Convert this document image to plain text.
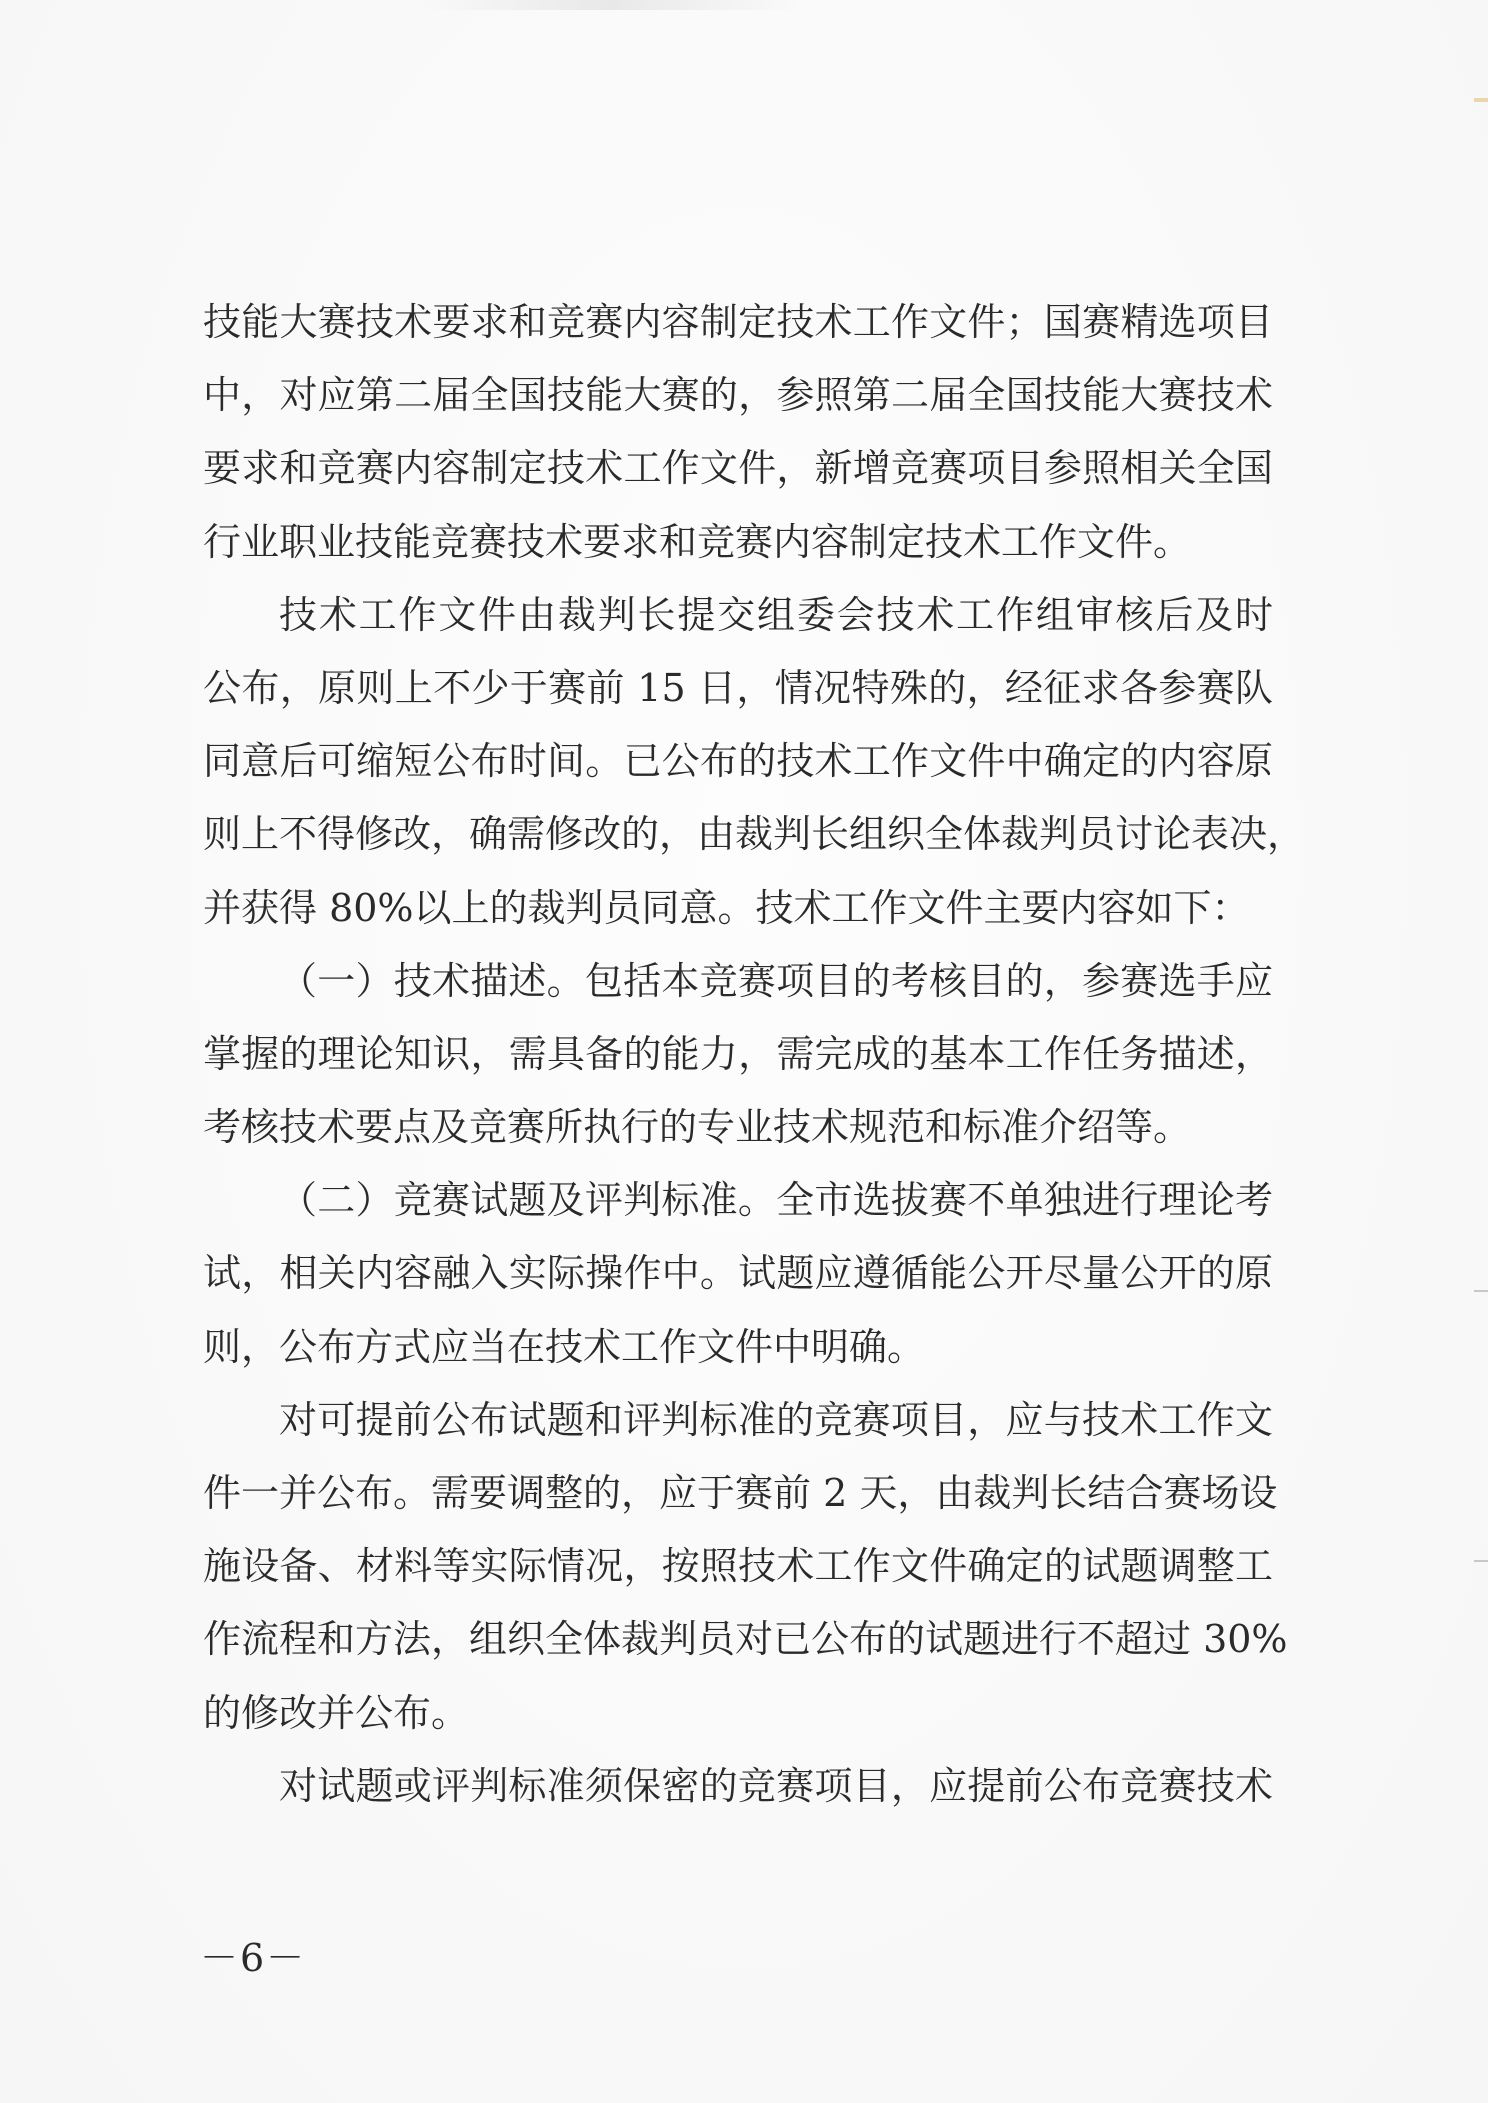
技能大赛技术要求和竞赛内容制定技术工作文件；国赛精选项目
中，对应第二届全国技能大赛的，参照第二届全国技能大赛技术
要求和竞赛内容制定技术工作文件，新增竞赛项目参照相关全国
行业职业技能竞赛技术要求和竞赛内容制定技术工作文件。
技术工作文件由裁判长提交组委会技术工作组审核后及时
公布，原则上不少于赛前 15 日，情况特殊的，经征求各参赛队
同意后可缩短公布时间。已公布的技术工作文件中确定的内容原
则上不得修改，确需修改的，由裁判长组织全体裁判员讨论表决，
并获得 80%以上的裁判员同意。技术工作文件主要内容如下：
（一）技术描述。包括本竞赛项目的考核目的，参赛选手应
掌握的理论知识，需具备的能力，需完成的基本工作任务描述，
考核技术要点及竞赛所执行的专业技术规范和标准介绍等。
（二）竞赛试题及评判标准。全市选拔赛不单独进行理论考
试，相关内容融入实际操作中。试题应遵循能公开尽量公开的原
则，公布方式应当在技术工作文件中明确。
对可提前公布试题和评判标准的竞赛项目，应与技术工作文
件一并公布。需要调整的，应于赛前 2 天，由裁判长结合赛场设
施设备、材料等实际情况，按照技术工作文件确定的试题调整工
作流程和方法，组织全体裁判员对已公布的试题进行不超过 30%
的修改并公布。
对试题或评判标准须保密的竞赛项目，应提前公布竞赛技术
－6－
